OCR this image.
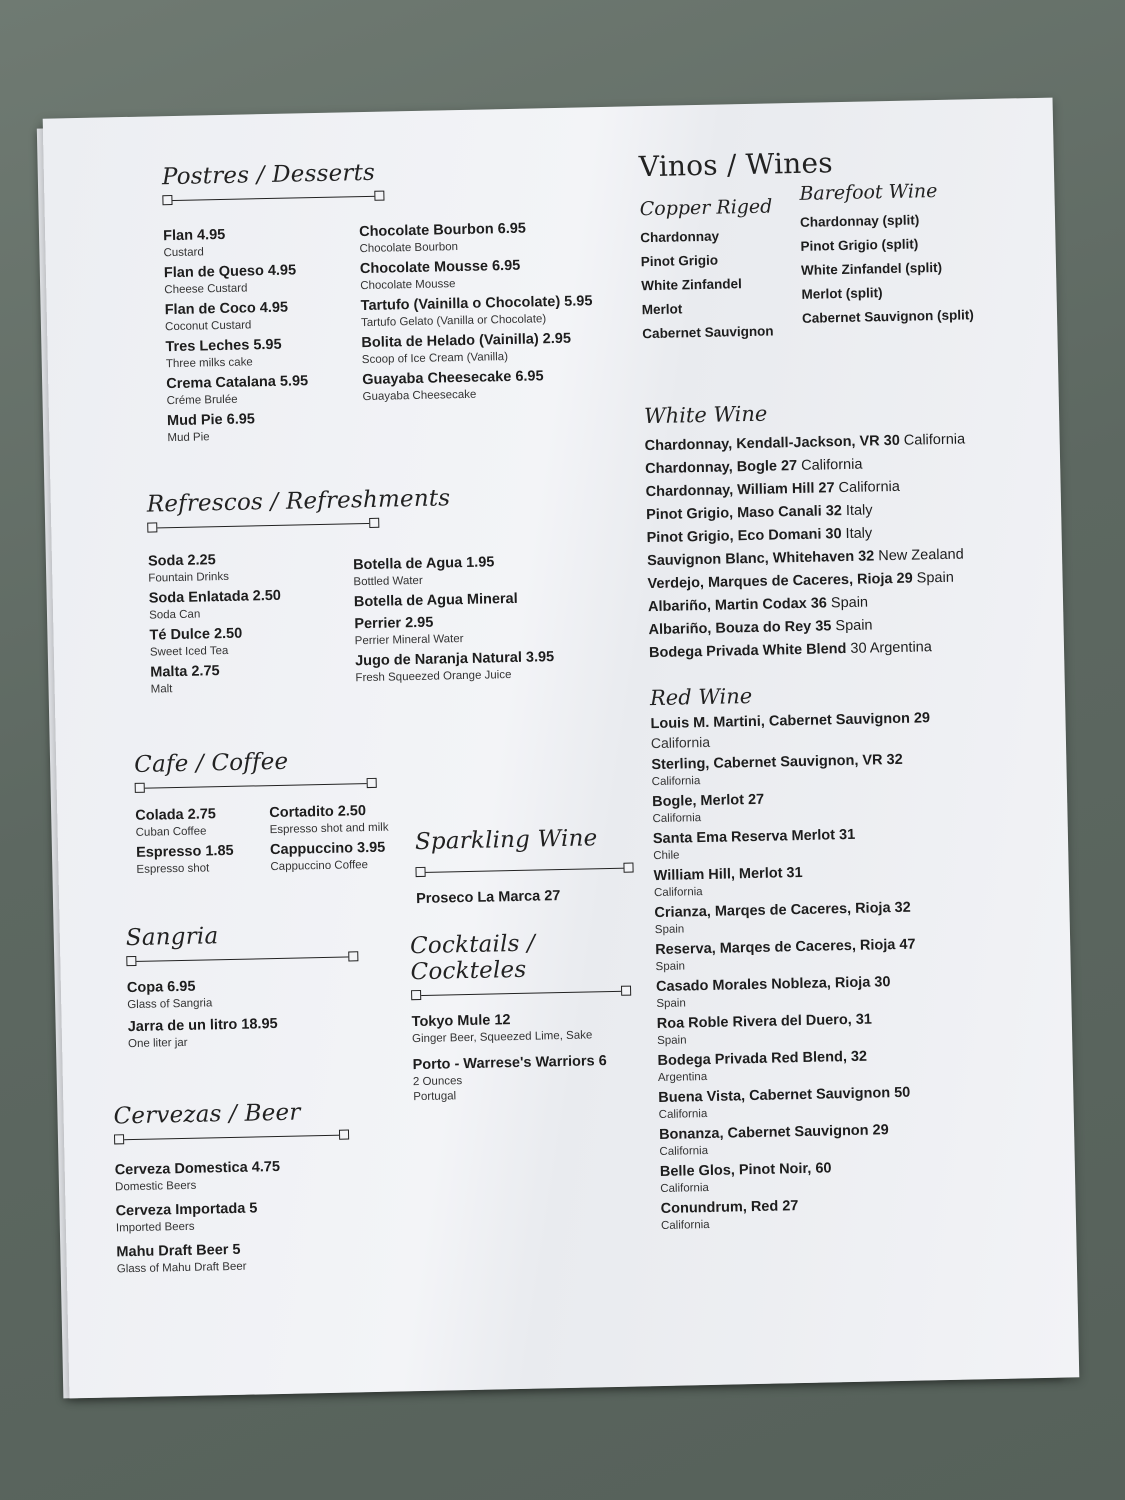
Postres / Desserts
Flan 4.95
Custard
Flan de Queso 4.95
Cheese Custard
Flan de Coco 4.95
Coconut Custard
Tres Leches 5.95
Three milks cake
Crema Catalana 5.95
Créme Brulée
Mud Pie 6.95
Mud Pie
Chocolate Bourbon 6.95
Chocolate Bourbon
Chocolate Mousse 6.95
Chocolate Mousse
Tartufo (Vainilla o Chocolate) 5.95
Tartufo Gelato (Vanilla or Chocolate)
Bolita de Helado (Vainilla) 2.95
Scoop of Ice Cream (Vanilla)
Guayaba Cheesecake 6.95
Guayaba Cheesecake
Refrescos / Refreshments
Soda 2.25
Fountain Drinks
Soda Enlatada 2.50
Soda Can
Té Dulce 2.50
Sweet Iced Tea
Malta 2.75
Malt
Botella de Agua 1.95
Bottled Water
Botella de Agua Mineral
Perrier 2.95
Perrier Mineral Water
Jugo de Naranja Natural 3.95
Fresh Squeezed Orange Juice
Cafe / Coffee
Colada 2.75
Cuban Coffee
Espresso 1.85
Espresso shot
Cortadito 2.50
Espresso shot and milk
Cappuccino 3.95
Cappuccino Coffee
Sangria
Copa 6.95
Glass of Sangria
Jarra de un litro 18.95
One liter jar
Cervezas / Beer
Cerveza Domestica 4.75
Domestic Beers
Cerveza Importada 5
Imported Beers
Mahu Draft Beer 5
Glass of Mahu Draft Beer
Sparkling Wine
Proseco La Marca 27
Cocktails / Cockteles
Tokyo Mule 12
Ginger Beer, Squeezed Lime, Sake
Porto - Warrese's Warriors 6
2 Ounces
Portugal
Vinos / Wines
Copper Riged
Chardonnay
Pinot Grigio
White Zinfandel
Merlot
Cabernet Sauvignon
Barefoot Wine
Chardonnay (split)
Pinot Grigio (split)
White Zinfandel (split)
Merlot (split)
Cabernet Sauvignon (split)
White Wine
Chardonnay, Kendall-Jackson, VR 30 California
Chardonnay, Bogle 27 California
Chardonnay, William Hill 27 California
Pinot Grigio, Maso Canali 32 Italy
Pinot Grigio, Eco Domani 30 Italy
Sauvignon Blanc, Whitehaven 32 New Zealand
Verdejo, Marques de Caceres, Rioja 29 Spain
Albariño, Martin Codax 36 Spain
Albariño, Bouza do Rey 35 Spain
Bodega Privada White Blend 30 Argentina
Red Wine
Louis M. Martini, Cabernet Sauvignon 29
California
Sterling, Cabernet Sauvignon, VR 32
California
Bogle, Merlot 27
California
Santa Ema Reserva Merlot 31
Chile
William Hill, Merlot 31
California
Crianza, Marqes de Caceres, Rioja 32
Spain
Reserva, Marqes de Caceres, Rioja 47
Spain
Casado Morales Nobleza, Rioja 30
Spain
Roa Roble Rivera del Duero, 31
Spain
Bodega Privada Red Blend, 32
Argentina
Buena Vista, Cabernet Sauvignon 50
California
Bonanza, Cabernet Sauvignon 29
California
Belle Glos, Pinot Noir, 60
California
Conundrum, Red 27
California
